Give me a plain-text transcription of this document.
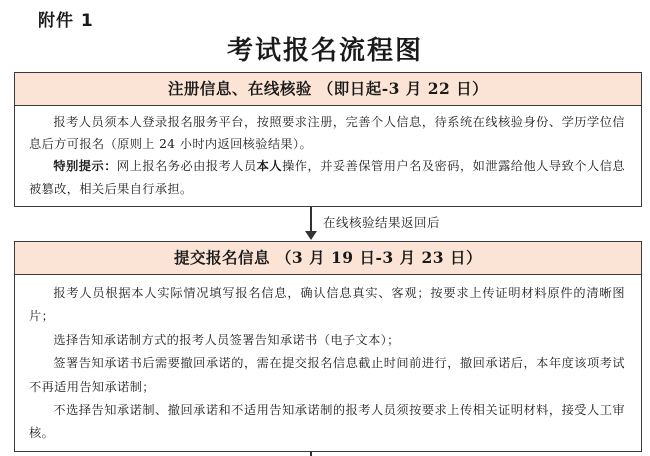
附件 1
考试报名流程图
注册信息、在线核验 （即日起-3 月 22 日）

报考人员须本人登录报名服务平台，按照要求注册，完善个人信息，待系统在线核验身份、学历学位信息后方可报名（原则上 24 小时内返回核验结果）。

特别提示：网上报名务必由报考人员本人操作，并妥善保管用户名及密码，如泄露给他人导致个人信息被篡改，相关后果自行承担。

在线核验结果返回后
提交报名信息 （3 月 19 日-3 月 23 日）

报考人员根据本人实际情况填写报名信息，确认信息真实、客观；按要求上传证明材料原件的清晰图片；

选择告知承诺制方式的报考人员签署告知承诺书（电子文本）；

签署告知承诺书后需要撤回承诺的，需在提交报名信息截止时间前进行，撤回承诺后，本年度该项考试不再适用告知承诺制；

不选择告知承诺制、撤回承诺和不适用告知承诺制的报考人员须按要求上传相关证明材料，接受人工审核。
